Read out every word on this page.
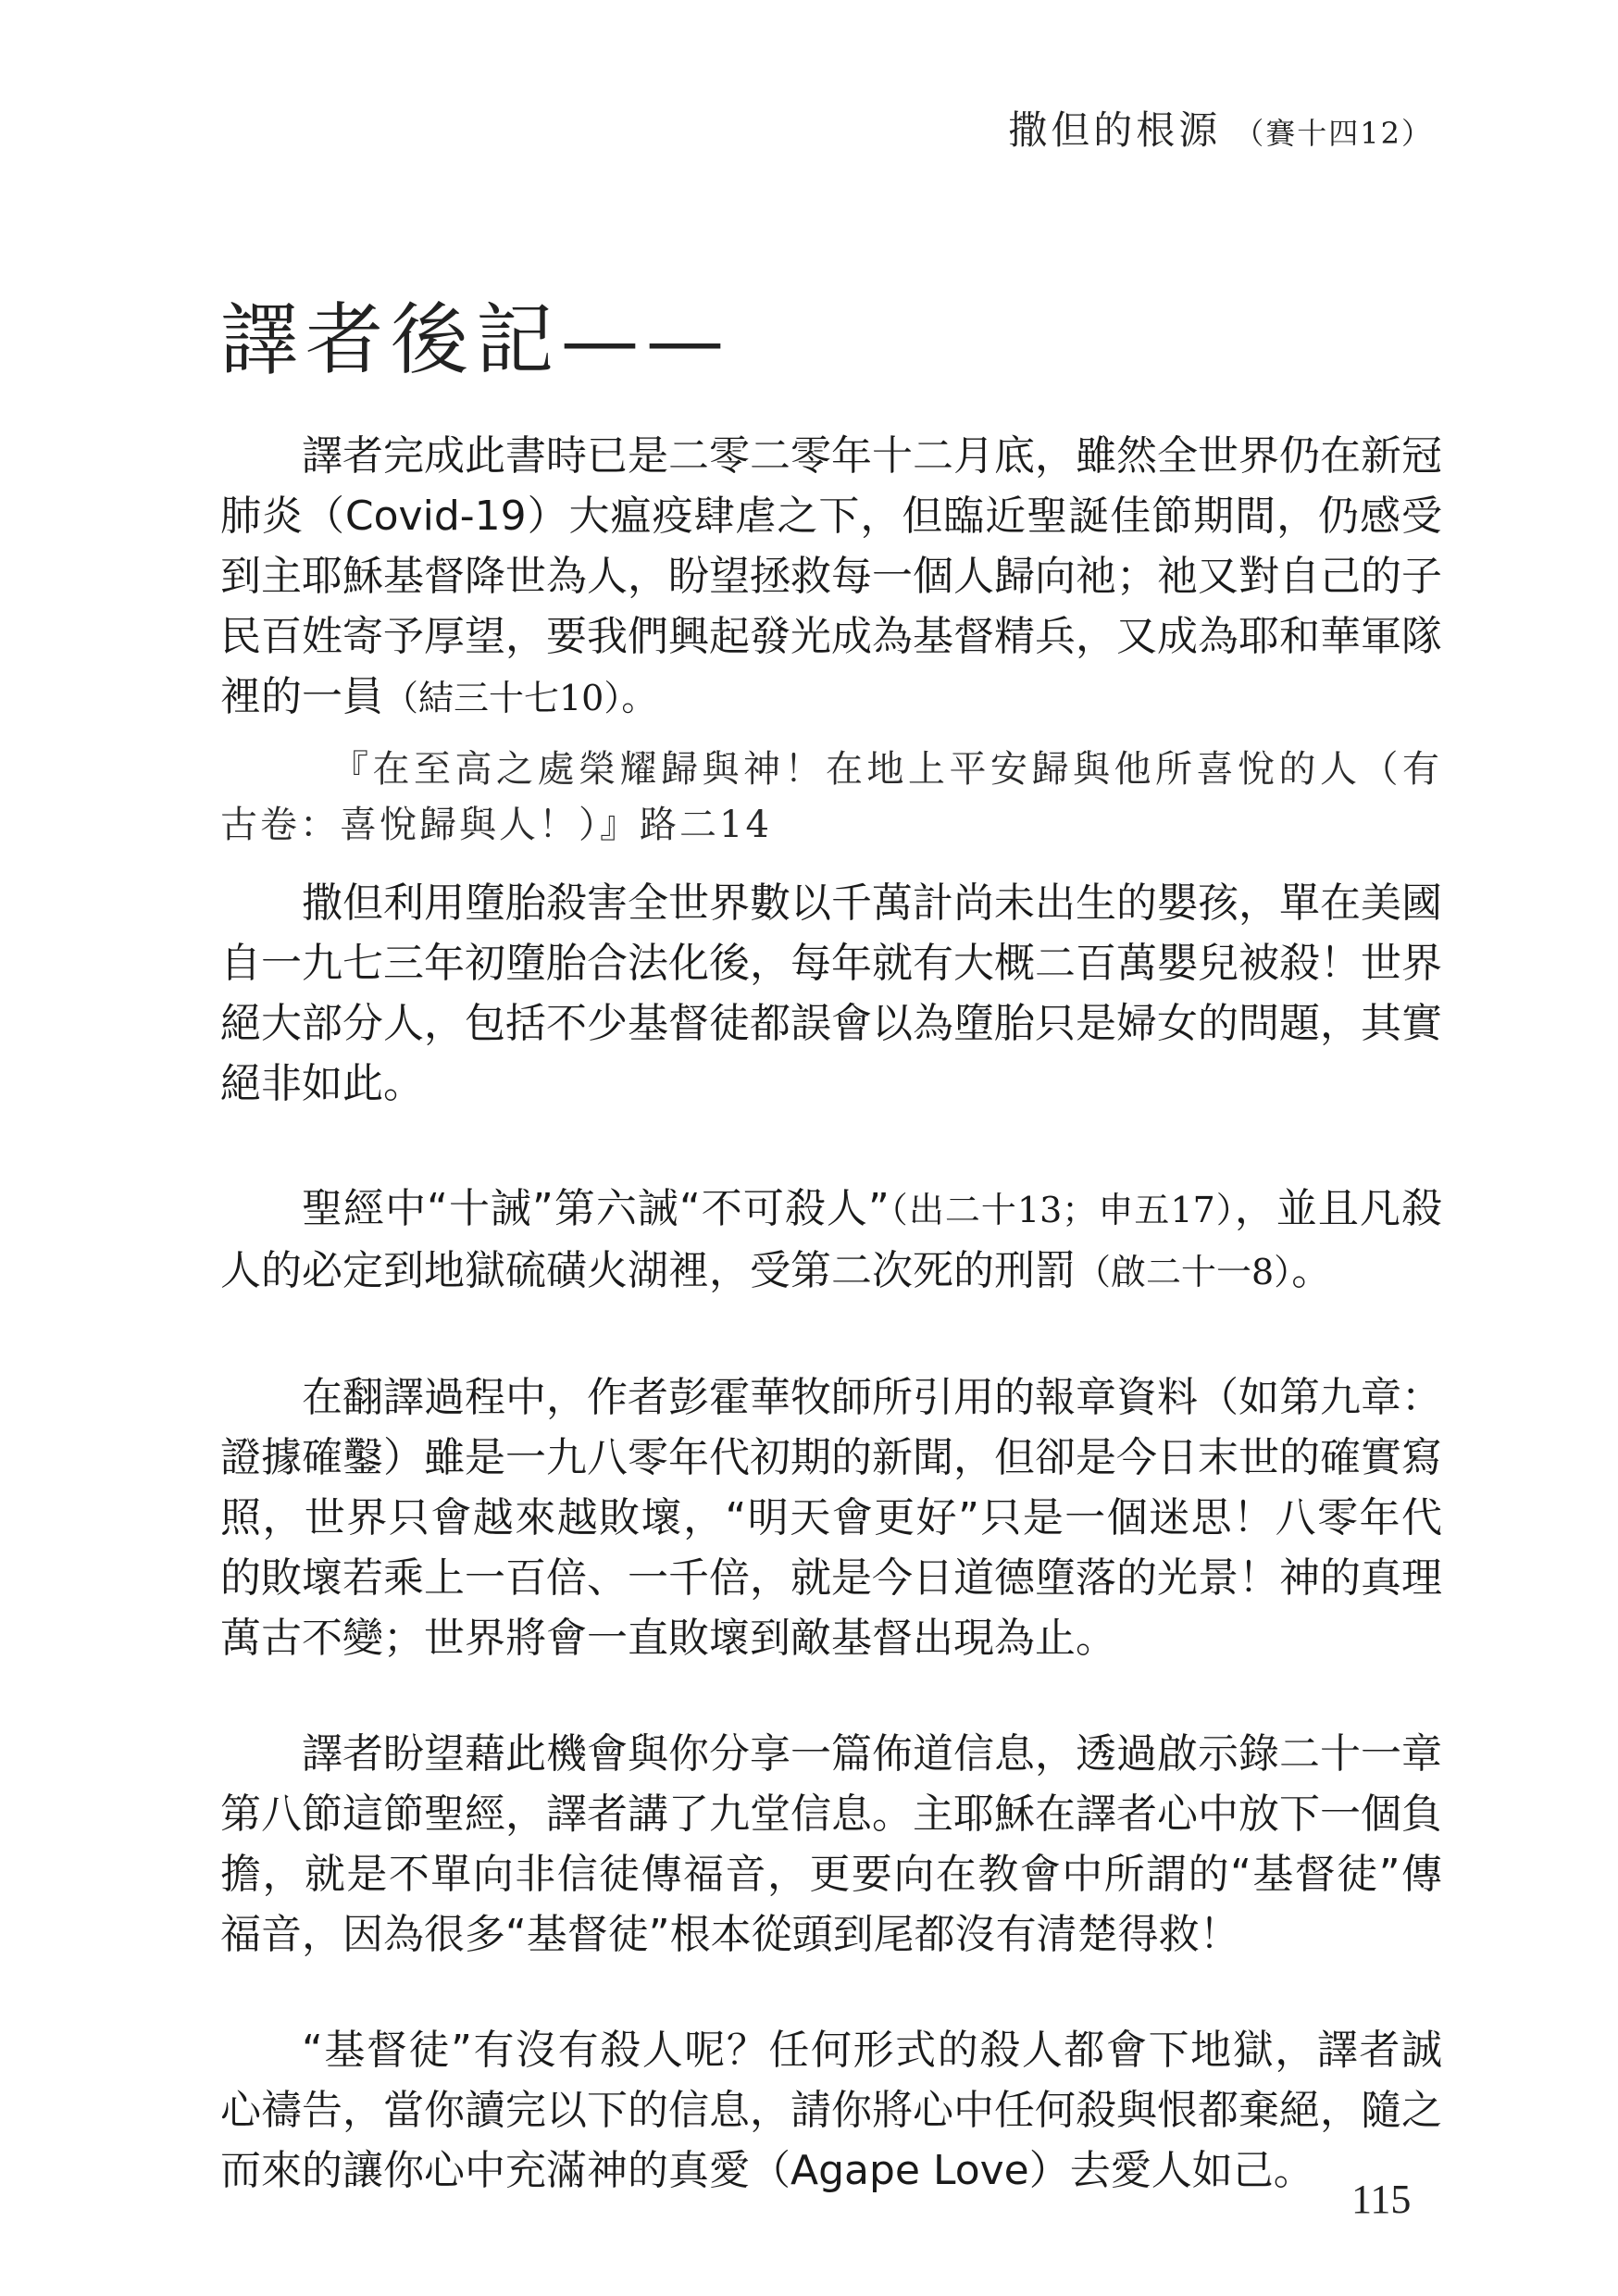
撒但的根源 （賽十四12）
譯者後記——

譯者完成此書時已是二零二零年十二月底，雖然全世界仍在新冠肺炎（Covid-19）大瘟疫肆虐之下，但臨近聖誕佳節期間，仍感受到主耶穌基督降世為人，盼望拯救每一個人歸向祂；祂又對自己的子民百姓寄予厚望，要我們興起發光成為基督精兵，又成為耶和華軍隊裡的一員（結三十七10）。

『在至高之處榮耀歸與神！在地上平安歸與他所喜悅的人（有古卷：喜悅歸與人！）』路二14

撒但利用墮胎殺害全世界數以千萬計尚未出生的嬰孩，單在美國自一九七三年初墮胎合法化後，每年就有大概二百萬嬰兒被殺！世界絕大部分人，包括不少基督徒都誤會以為墮胎只是婦女的問題，其實絕非如此。

聖經中“十誡”第六誡“不可殺人”（出二十13；申五17），並且凡殺人的必定到地獄硫磺火湖裡，受第二次死的刑罰（啟二十一8）。

在翻譯過程中，作者彭霍華牧師所引用的報章資料（如第九章：證據確鑿）雖是一九八零年代初期的新聞，但卻是今日末世的確實寫照，世界只會越來越敗壞，“明天會更好”只是一個迷思！八零年代的敗壞若乘上一百倍、一千倍，就是今日道德墮落的光景！神的真理萬古不變；世界將會一直敗壞到敵基督出現為止。

譯者盼望藉此機會與你分享一篇佈道信息，透過啟示錄二十一章第八節這節聖經，譯者講了九堂信息。主耶穌在譯者心中放下一個負擔，就是不單向非信徒傳福音，更要向在教會中所謂的“基督徒”傳福音，因為很多“基督徒”根本從頭到尾都沒有清楚得救！

“基督徒”有沒有殺人呢？任何形式的殺人都會下地獄，譯者誠心禱告，當你讀完以下的信息，請你將心中任何殺與恨都棄絕，隨之而來的讓你心中充滿神的真愛（Agape Love）去愛人如己。

115
